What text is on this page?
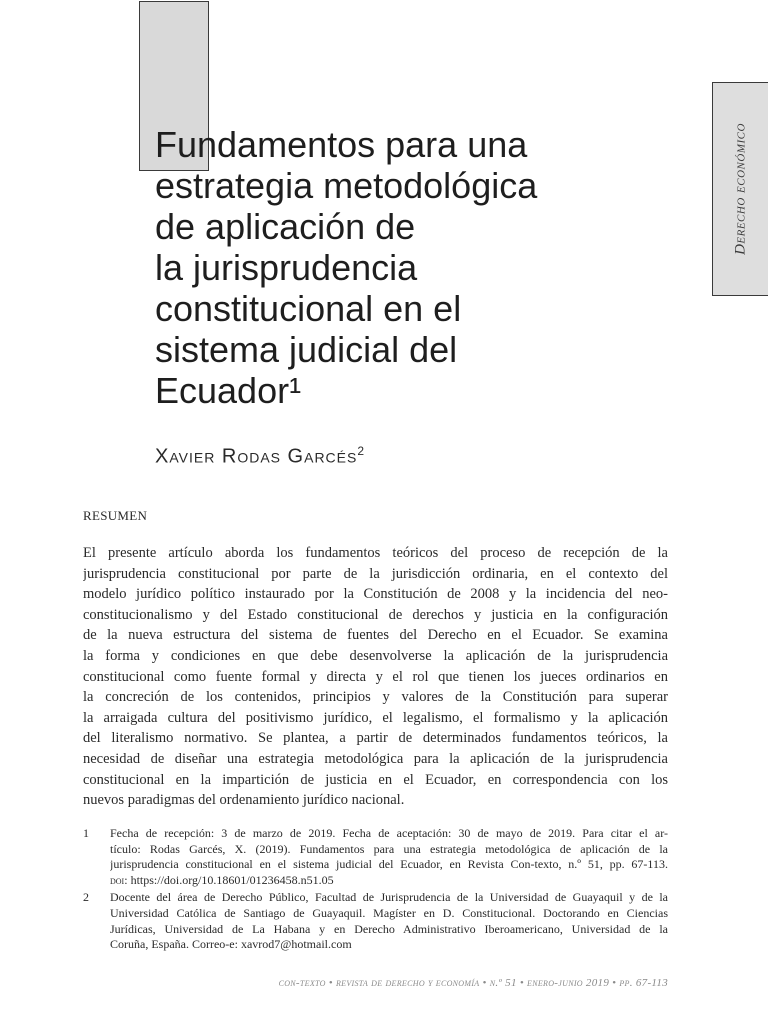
Derecho económico
Fundamentos para una
estrategia metodológica
de aplicación de
la jurisprudencia
constitucional en el
sistema judicial del
Ecuador¹
Xavier Rodas Garcés$^2$
RESUMEN
El presente artículo aborda los fundamentos teóricos del proceso de recepción de la
jurisprudencia constitucional por parte de la jurisdicción ordinaria, en el contexto del
modelo jurídico político instaurado por la Constitución de 2008 y la incidencia del neo-
constitucionalismo y del Estado constitucional de derechos y justicia en la configuración
de la nueva estructura del sistema de fuentes del Derecho en el Ecuador. Se examina
la forma y condiciones en que debe desenvolverse la aplicación de la jurisprudencia
constitucional como fuente formal y directa y el rol que tienen los jueces ordinarios en
la concreción de los contenidos, principios y valores de la Constitución para superar
la arraigada cultura del positivismo jurídico, el legalismo, el formalismo y la aplicación
del literalismo normativo. Se plantea, a partir de determinados fundamentos teóricos, la
necesidad de diseñar una estrategia metodológica para la aplicación de la jurisprudencia
constitucional en la impartición de justicia en el Ecuador, en correspondencia con los
nuevos paradigmas del ordenamiento jurídico nacional.
1 Fecha de recepción: 3 de marzo de 2019. Fecha de aceptación: 30 de mayo de 2019. Para citar el ar-
tículo: Rodas Garcés, X. (2019). Fundamentos para una estrategia metodológica de aplicación de la
jurisprudencia constitucional en el sistema judicial del Ecuador, en Revista Con-texto, n.º 51, pp. 67-113.
doi: https://doi.org/10.18601/01236458.n51.05
2 Docente del área de Derecho Público, Facultad de Jurisprudencia de la Universidad de Guayaquil y de la
Universidad Católica de Santiago de Guayaquil. Magíster en D. Constitucional. Doctorando en Ciencias
Jurídicas, Universidad de La Habana y en Derecho Administrativo Iberoamericano, Universidad de la
Coruña, España. Correo-e: xavrod7@hotmail.com
con-texto • revista de derecho y economía • n.º 51 • enero-junio 2019 • pp. 67-113
